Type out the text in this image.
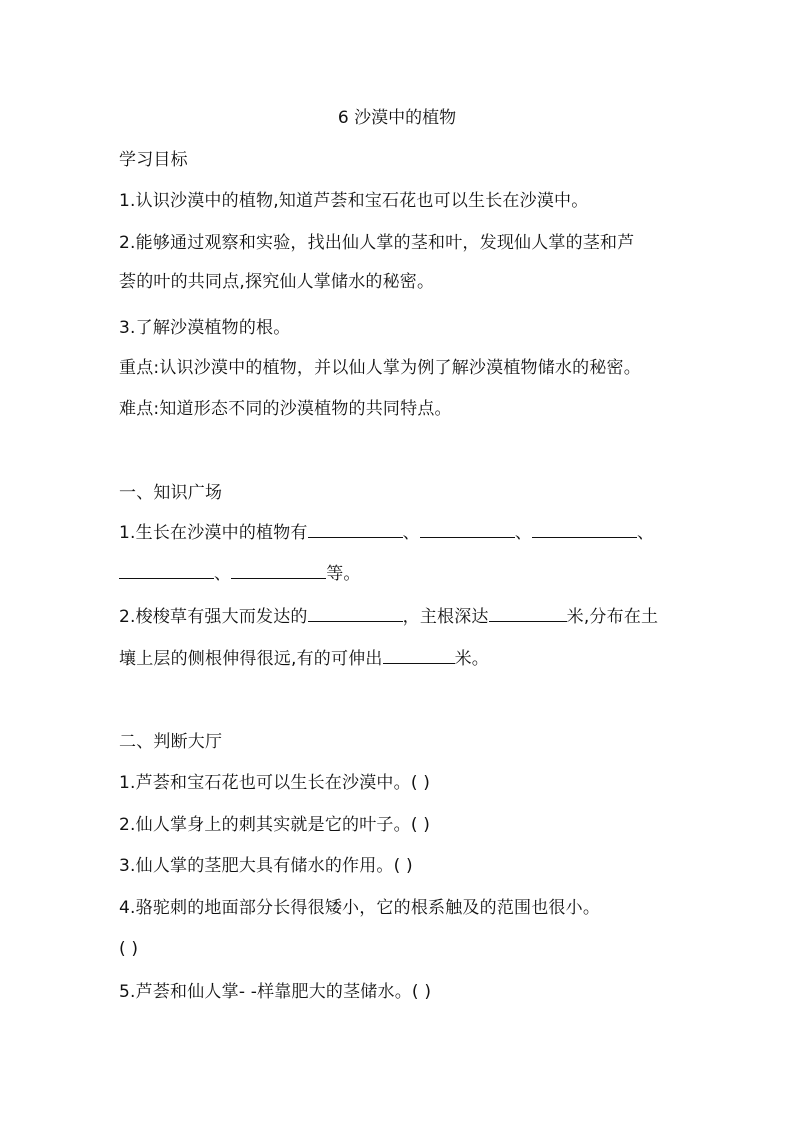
6 沙漠中的植物
学习目标
1.认识沙漠中的植物,知道芦荟和宝石花也可以生长在沙漠中。
2.能够通过观察和实验，找出仙人掌的茎和叶，发现仙人掌的茎和芦
荟的叶的共同点,探究仙人掌储水的秘密。
3.了解沙漠植物的根。
重点:认识沙漠中的植物，并以仙人掌为例了解沙漠植物储水的秘密。
难点:知道形态不同的沙漠植物的共同特点。
一、知识广场
1.生长在沙漠中的植物有	、	、	、
、	等。
2.梭梭草有强大而发达的	，主根深达	米,分布在土
壤上层的侧根伸得很远,有的可伸出	米。
二、判断大厅
1.芦荟和宝石花也可以生长在沙漠中。( )
2.仙人掌身上的刺其实就是它的叶子。( )
3.仙人掌的茎肥大具有储水的作用。( )
4.骆驼刺的地面部分长得很矮小，它的根系触及的范围也很小。
( )
5.芦荟和仙人掌- -样靠肥大的茎储水。( )
